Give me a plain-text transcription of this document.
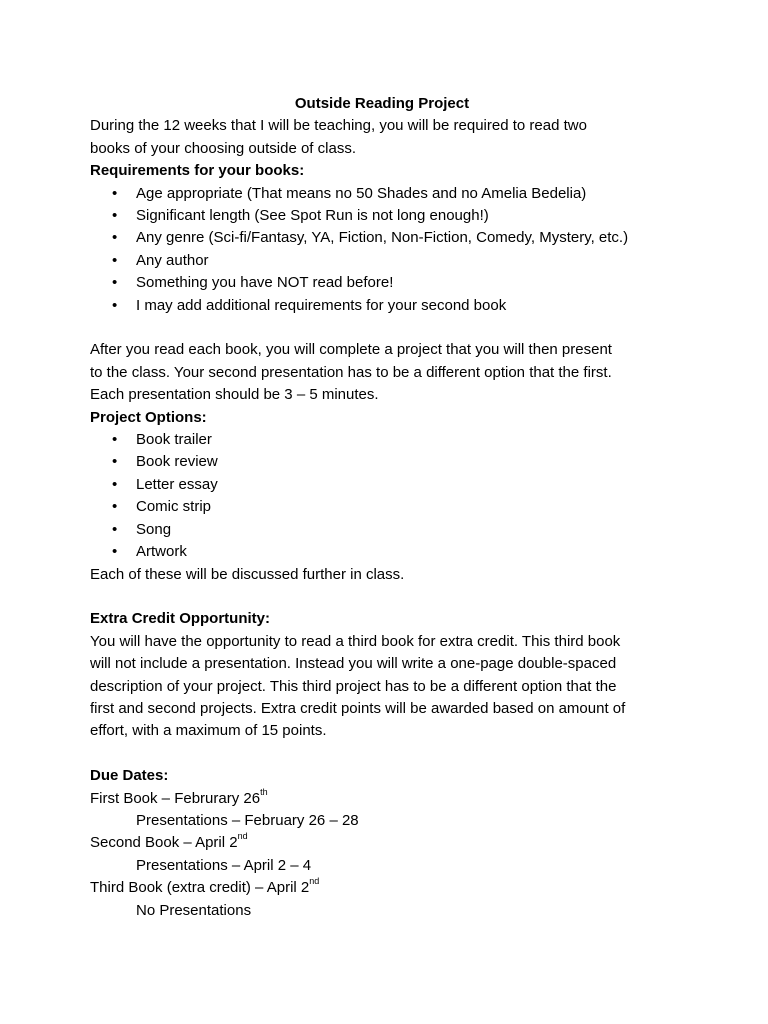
Outside Reading Project

During the 12 weeks that I will be teaching, you will be required to read two

books of your choosing outside of class.

Requirements for your books:

• Age appropriate (That means no 50 Shades and no Amelia Bedelia)
• Significant length (See Spot Run is not long enough!)
• Any genre (Sci-fi/Fantasy, YA, Fiction, Non-Fiction, Comedy, Mystery, etc.)
• Any author
• Something you have NOT read before!
• I may add additional requirements for your second book

After you read each book, you will complete a project that you will then present

to the class. Your second presentation has to be a different option that the first.

Each presentation should be 3 – 5 minutes.

Project Options:

• Book trailer
• Book review
• Letter essay
• Comic strip
• Song
• Artwork

Each of these will be discussed further in class.

Extra Credit Opportunity:

You will have the opportunity to read a third book for extra credit. This third book

will not include a presentation. Instead you will write a one-page double-spaced

description of your project. This third project has to be a different option that the

first and second projects. Extra credit points will be awarded based on amount of

effort, with a maximum of 15 points.

Due Dates:

First Book – Februrary 26th

Presentations – February 26 – 28

Second Book – April 2nd

Presentations – April 2 – 4

Third Book (extra credit) – April 2nd

No Presentations
